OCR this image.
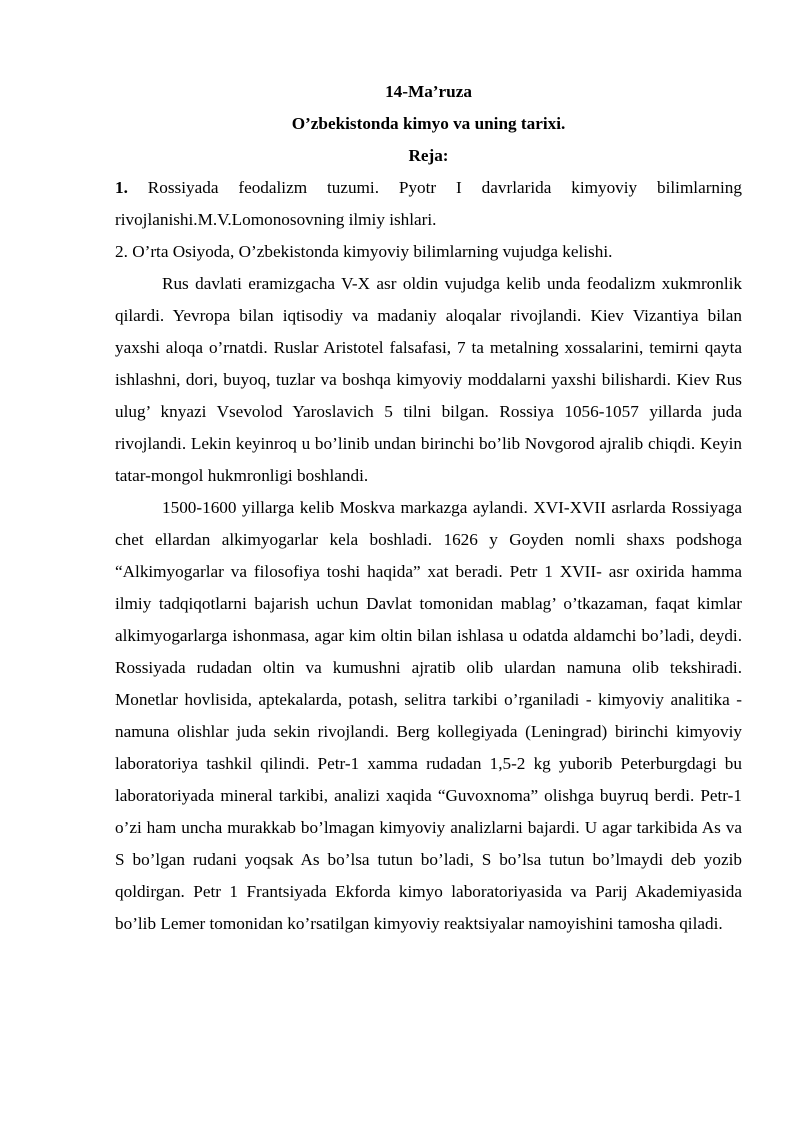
14-Ma’ruza

O’zbekistonda kimyo va uning tarixi.

Reja:

1. Rossiyada feodalizm tuzumi. Pyotr I davrlarida kimyoviy bilimlarning rivojlanishi.M.V.Lomonosovning ilmiy ishlari.

2. O’rta Osiyoda, O’zbekistonda kimyoviy bilimlarning vujudga kelishi.

Rus davlati eramizgacha V-X asr oldin vujudga kelib unda feodalizm xukmronlik qilardi. Yevropa bilan iqtisodiy va madaniy aloqalar rivojlandi. Kiev Vizantiya bilan yaxshi aloqa o’rnatdi. Ruslar Aristotel falsafasi, 7 ta metalning xossalarini, temirni qayta ishlashni, dori, buyoq, tuzlar va boshqa kimyoviy moddalarni yaxshi bilishardi. Kiev Rus ulug’ knyazi Vsevolod Yaroslavich 5 tilni bilgan. Rossiya 1056-1057 yillarda juda rivojlandi. Lekin keyinroq u bo’linib undan birinchi bo’lib Novgorod ajralib chiqdi. Keyin tatar-mongol hukmronligi boshlandi.

1500-1600 yillarga kelib Moskva markazga aylandi. XVI-XVII asrlarda Rossiyaga chet ellardan alkimyogarlar kela boshladi. 1626 y Goyden nomli shaxs podshoga “Alkimyogarlar va filosofiya toshi haqida” xat beradi. Petr 1 XVII- asr oxirida hamma ilmiy tadqiqotlarni bajarish uchun Davlat tomonidan mablag’ o’tkazaman, faqat kimlar alkimyogarlarga ishonmasa, agar kim oltin bilan ishlasa u odatda aldamchi bo’ladi, deydi. Rossiyada rudadan oltin va kumushni ajratib olib ulardan namuna olib tekshiradi. Monetlar hovlisida, aptekalarda, potash, selitra tarkibi o’rganiladi - kimyoviy analitika - namuna olishlar juda sekin rivojlandi. Berg kollegiyada (Leningrad) birinchi kimyoviy laboratoriya tashkil qilindi. Petr-1 xamma rudadan 1,5-2 kg yuborib Peterburgdagi bu laboratoriyada mineral tarkibi, analizi xaqida “Guvoxnoma” olishga buyruq berdi. Petr-1 o’zi ham uncha murakkab bo’lmagan kimyoviy analizlarni bajardi. U agar tarkibida As va S bo’lgan rudani yoqsak As bo’lsa tutun bo’ladi, S bo’lsa tutun bo’lmaydi deb yozib qoldirgan. Petr 1 Frantsiyada Ekforda kimyo laboratoriyasida va Parij Akademiyasida bo’lib Lemer tomonidan ko’rsatilgan kimyoviy reaktsiyalar namoyishini tamosha qiladi.
